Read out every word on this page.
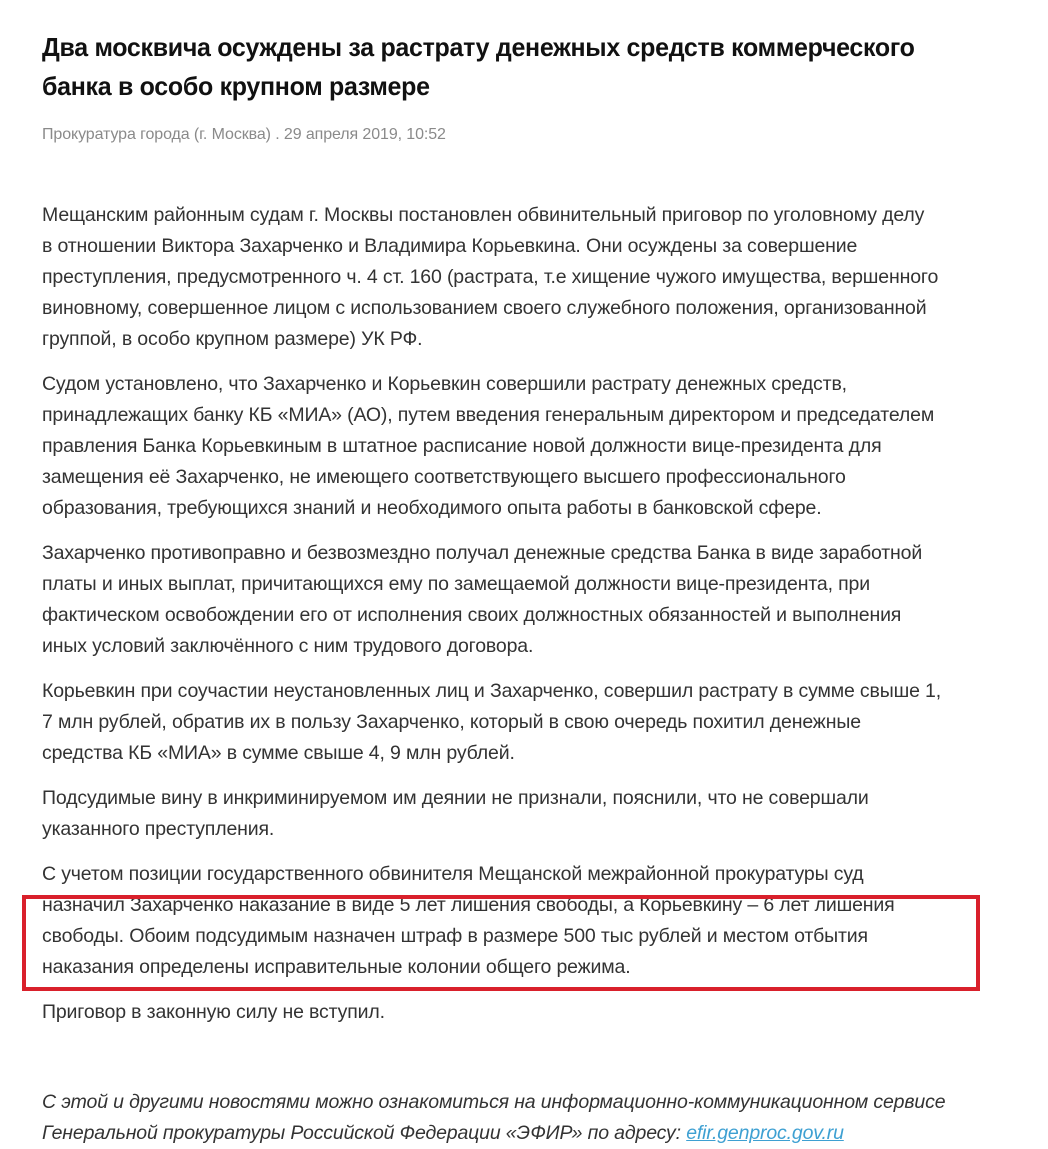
Два москвича осуждены за растрату денежных средств коммерческого
банка в особо крупном размере
Прокуратура города (г. Москва) . 29 апреля 2019, 10:52

Мещанским районным судам г. Москвы постановлен обвинительный приговор по уголовному делу
в отношении Виктора Захарченко и Владимира Корьевкина. Они осуждены за совершение
преступления, предусмотренного ч. 4 ст. 160 (растрата, т.е хищение чужого имущества, вершенного
виновному, совершенное лицом с использованием своего служебного положения, организованной
группой, в особо крупном размере) УК РФ.

Судом установлено, что Захарченко и Корьевкин совершили растрату денежных средств,
принадлежащих банку КБ «МИА» (АО), путем введения генеральным директором и председателем
правления Банка Корьевкиным в штатное расписание новой должности вице-президента для
замещения её Захарченко, не имеющего соответствующего высшего профессионального
образования, требующихся знаний и необходимого опыта работы в банковской сфере.

Захарченко противоправно и безвозмездно получал денежные средства Банка в виде заработной
платы и иных выплат, причитающихся ему по замещаемой должности вице-президента, при
фактическом освобождении его от исполнения своих должностных обязанностей и выполнения
иных условий заключённого с ним трудового договора.

Корьевкин при соучастии неустановленных лиц и Захарченко, совершил растрату в сумме свыше 1,
7 млн рублей, обратив их в пользу Захарченко, который в свою очередь похитил денежные
средства КБ «МИА» в сумме свыше 4, 9 млн рублей.

Подсудимые вину в инкриминируемом им деянии не признали, пояснили, что не совершали
указанного преступления.

С учетом позиции государственного обвинителя Мещанской межрайонной прокуратуры суд
назначил Захарченко наказание в виде 5 лет лишения свободы, а Корьевкину – 6 лет лишения
свободы. Обоим подсудимым назначен штраф в размере 500 тыс рублей и местом отбытия
наказания определены исправительные колонии общего режима.

Приговор в законную силу не вступил.

С этой и другими новостями можно ознакомиться на информационно-коммуникационном сервисе
Генеральной прокуратуры Российской Федерации «ЭФИР» по адресу: efir.genproc.gov.ru
